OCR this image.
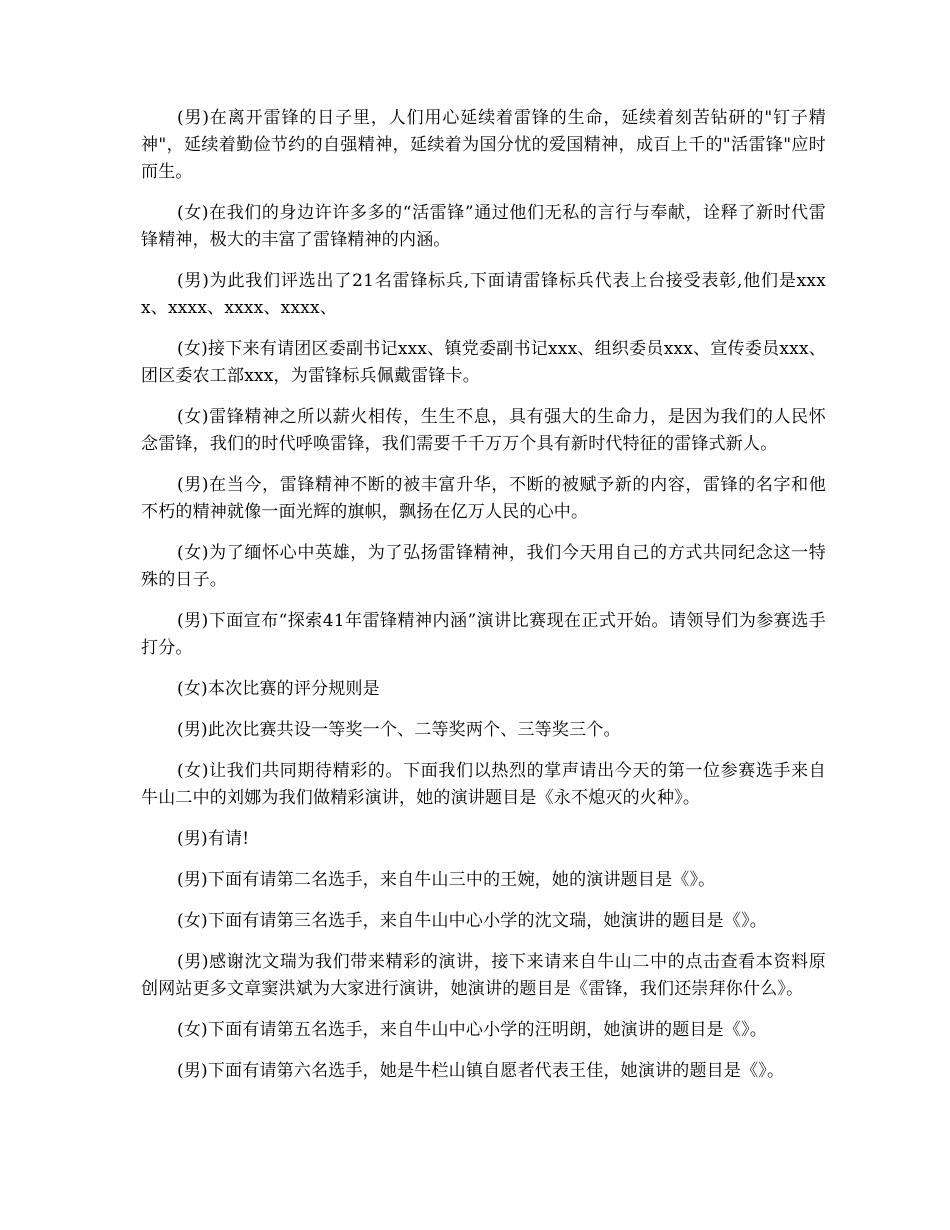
(男)在离开雷锋的日子里，人们用心延续着雷锋的生命，延续着刻苦钻研的"钉子精神"，延续着勤俭节约的自强精神，延续着为国分忧的爱国精神，成百上千的"活雷锋"应时而生。

(女)在我们的身边许许多多的“活雷锋”通过他们无私的言行与奉献，诠释了新时代雷锋精神，极大的丰富了雷锋精神的内涵。

(男)为此我们评选出了21名雷锋标兵,下面请雷锋标兵代表上台接受表彰,他们是xxxx、xxxx、xxxx、xxxx、

(女)接下来有请团区委副书记xxx、镇党委副书记xxx、组织委员xxx、宣传委员xxx、团区委农工部xxx，为雷锋标兵佩戴雷锋卡。

(女)雷锋精神之所以薪火相传，生生不息，具有强大的生命力，是因为我们的人民怀念雷锋，我们的时代呼唤雷锋，我们需要千千万万个具有新时代特征的雷锋式新人。

(男)在当今，雷锋精神不断的被丰富升华，不断的被赋予新的内容，雷锋的名字和他不朽的精神就像一面光辉的旗帜，飘扬在亿万人民的心中。

(女)为了缅怀心中英雄，为了弘扬雷锋精神，我们今天用自己的方式共同纪念这一特殊的日子。

(男)下面宣布“探索41年雷锋精神内涵”演讲比赛现在正式开始。请领导们为参赛选手打分。

(女)本次比赛的评分规则是

(男)此次比赛共设一等奖一个、二等奖两个、三等奖三个。

(女)让我们共同期待精彩的。下面我们以热烈的掌声请出今天的第一位参赛选手来自牛山二中的刘娜为我们做精彩演讲，她的演讲题目是《永不熄灭的火种》。

(男)有请!

(男)下面有请第二名选手，来自牛山三中的王婉，她的演讲题目是《》。

(女)下面有请第三名选手，来自牛山中心小学的沈文瑞，她演讲的题目是《》。

(男)感谢沈文瑞为我们带来精彩的演讲，接下来请来自牛山二中的点击查看本资料原创网站更多文章窦洪斌为大家进行演讲，她演讲的题目是《雷锋，我们还崇拜你什么》。

(女)下面有请第五名选手，来自牛山中心小学的汪明朗，她演讲的题目是《》。

(男)下面有请第六名选手，她是牛栏山镇自愿者代表王佳，她演讲的题目是《》。
